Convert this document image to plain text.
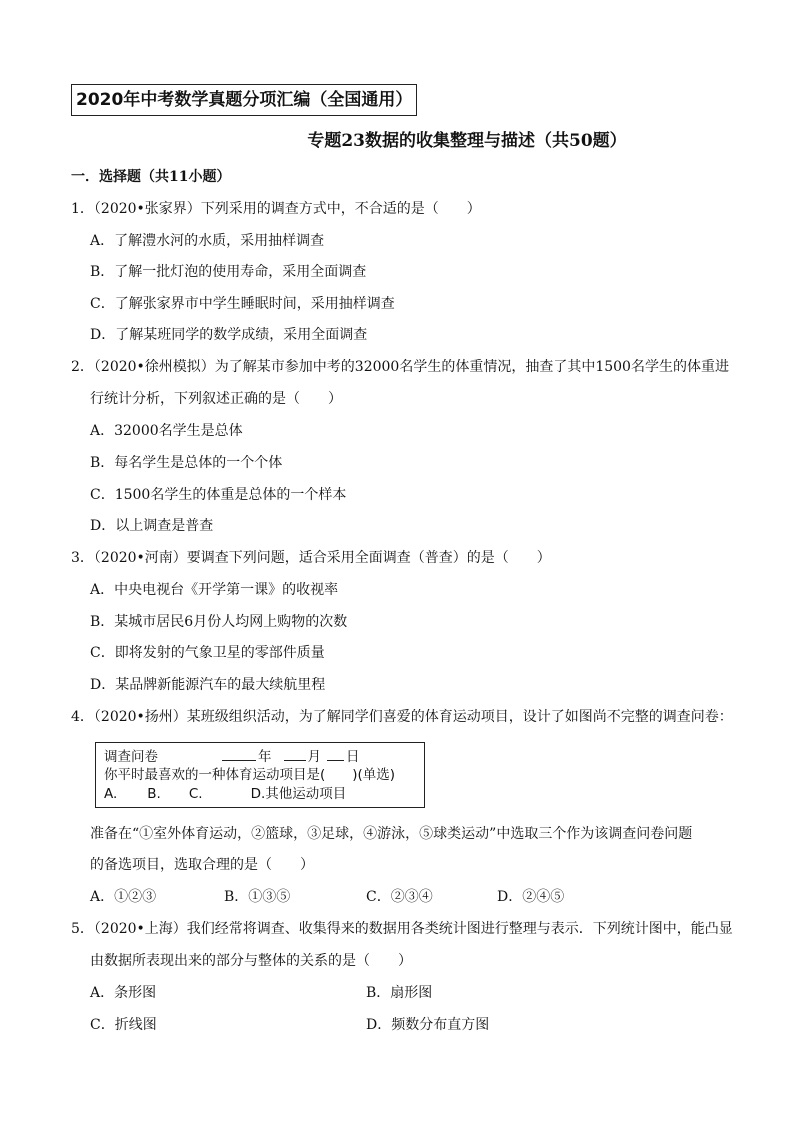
2020年中考数学真题分项汇编（全国通用）
专题23数据的收集整理与描述（共50题）
一．选择题（共11小题）
1．（2020•张家界）下列采用的调查方式中，不合适的是（　　）
A．了解澧水河的水质，采用抽样调查
B．了解一批灯泡的使用寿命，采用全面调查
C．了解张家界市中学生睡眠时间，采用抽样调查
D．了解某班同学的数学成绩，采用全面调查
2．（2020•徐州模拟）为了解某市参加中考的32000名学生的体重情况，抽查了其中1500名学生的体重进
行统计分析，下列叙述正确的是（　　）
A．32000名学生是总体
B．每名学生是总体的一个个体
C．1500名学生的体重是总体的一个样本
D．以上调查是普查
3．（2020•河南）要调查下列问题，适合采用全面调查（普查）的是（　　）
A．中央电视台《开学第一课》的收视率
B．某城市居民6月份人均网上购物的次数
C．即将发射的气象卫星的零部件质量
D．某品牌新能源汽车的最大续航里程
4．（2020•扬州）某班级组织活动，为了解同学们喜爱的体育运动项目，设计了如图尚不完整的调查问卷：
调查问卷	年	月 日
你平时最喜欢的一种体育运动项目是(　　)(单选)
A. B. C.	D.其他运动项目
准备在“①室外体育运动，②篮球，③足球，④游泳，⑤球类运动”中选取三个作为该调查问卷问题
的备选项目，选取合理的是（　　）
A．①②③	B．①③⑤	C．②③④	D．②④⑤
5．（2020•上海）我们经常将调查、收集得来的数据用各类统计图进行整理与表示．下列统计图中，能凸显
由数据所表现出来的部分与整体的关系的是（　　）
A．条形图	B．扇形图
C．折线图	D．频数分布直方图
